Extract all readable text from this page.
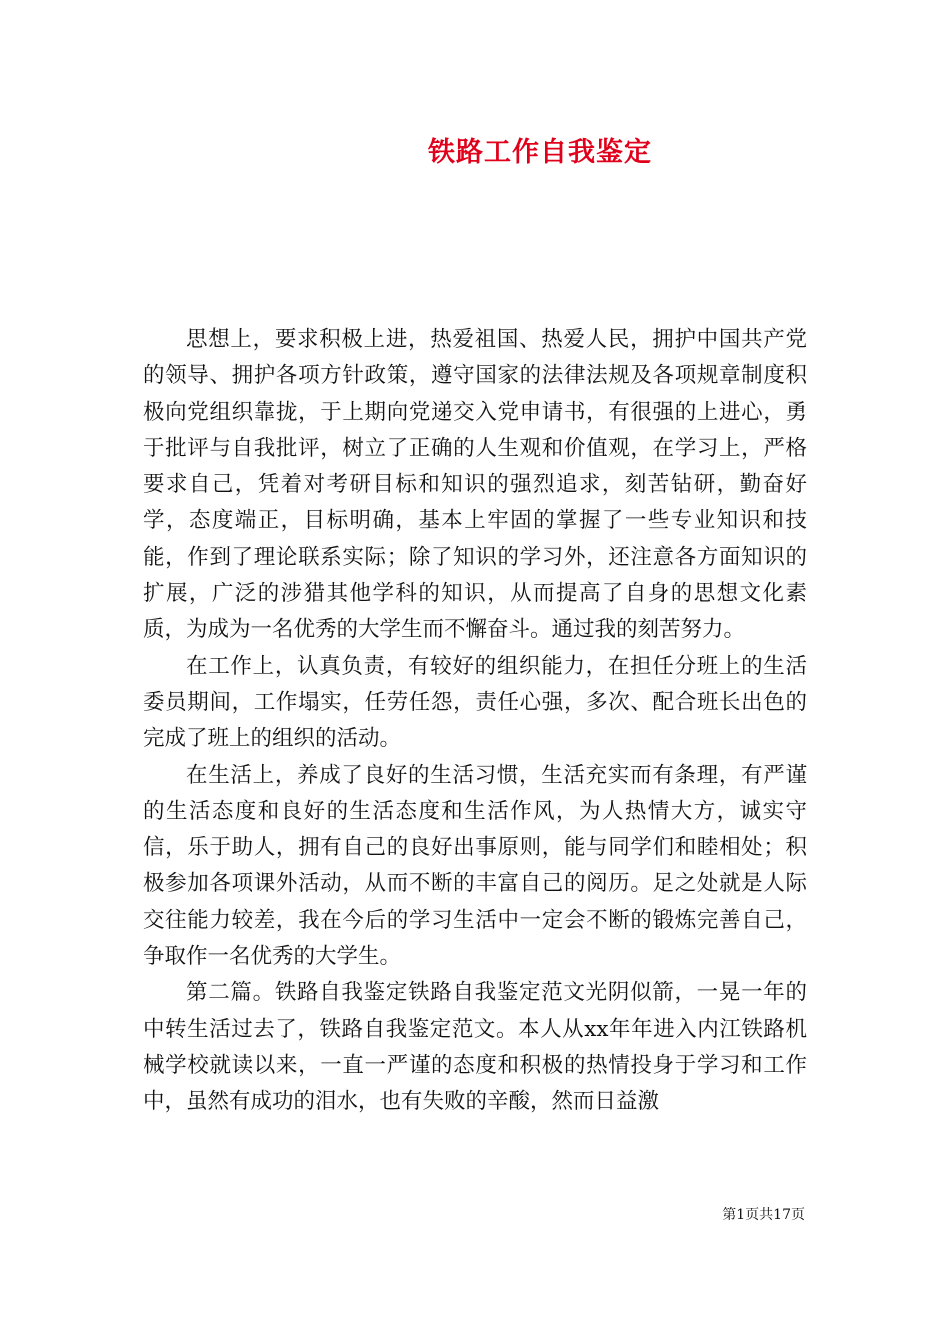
铁路工作自我鉴定

思想上，要求积极上进，热爱祖国、热爱人民，拥护中国共产党的领导、拥护各项方针政策，遵守国家的法律法规及各项规章制度积极向党组织靠拢，于上期向党递交入党申请书，有很强的上进心，勇于批评与自我批评，树立了正确的人生观和价值观，在学习上，严格要求自己，凭着对考研目标和知识的强烈追求，刻苦钻研，勤奋好学，态度端正，目标明确，基本上牢固的掌握了一些专业知识和技能，作到了理论联系实际；除了知识的学习外，还注意各方面知识的扩展，广泛的涉猎其他学科的知识，从而提高了自身的思想文化素质，为成为一名优秀的大学生而不懈奋斗。通过我的刻苦努力。

在工作上，认真负责，有较好的组织能力，在担任分班上的生活委员期间，工作塌实，任劳任怨，责任心强，多次、配合班长出色的完成了班上的组织的活动。

在生活上，养成了良好的生活习惯，生活充实而有条理，有严谨的生活态度和良好的生活态度和生活作风，为人热情大方，诚实守信，乐于助人，拥有自己的良好出事原则，能与同学们和睦相处；积极参加各项课外活动，从而不断的丰富自己的阅历。足之处就是人际交往能力较差，我在今后的学习生活中一定会不断的锻炼完善自己，争取作一名优秀的大学生。

第二篇。铁路自我鉴定铁路自我鉴定范文光阴似箭，一晃一年的中转生活过去了，铁路自我鉴定范文。本人从xx年年进入内江铁路机械学校就读以来，一直一严谨的态度和积极的热情投身于学习和工作中，虽然有成功的泪水，也有失败的辛酸，然而日益激

第1页共17页
